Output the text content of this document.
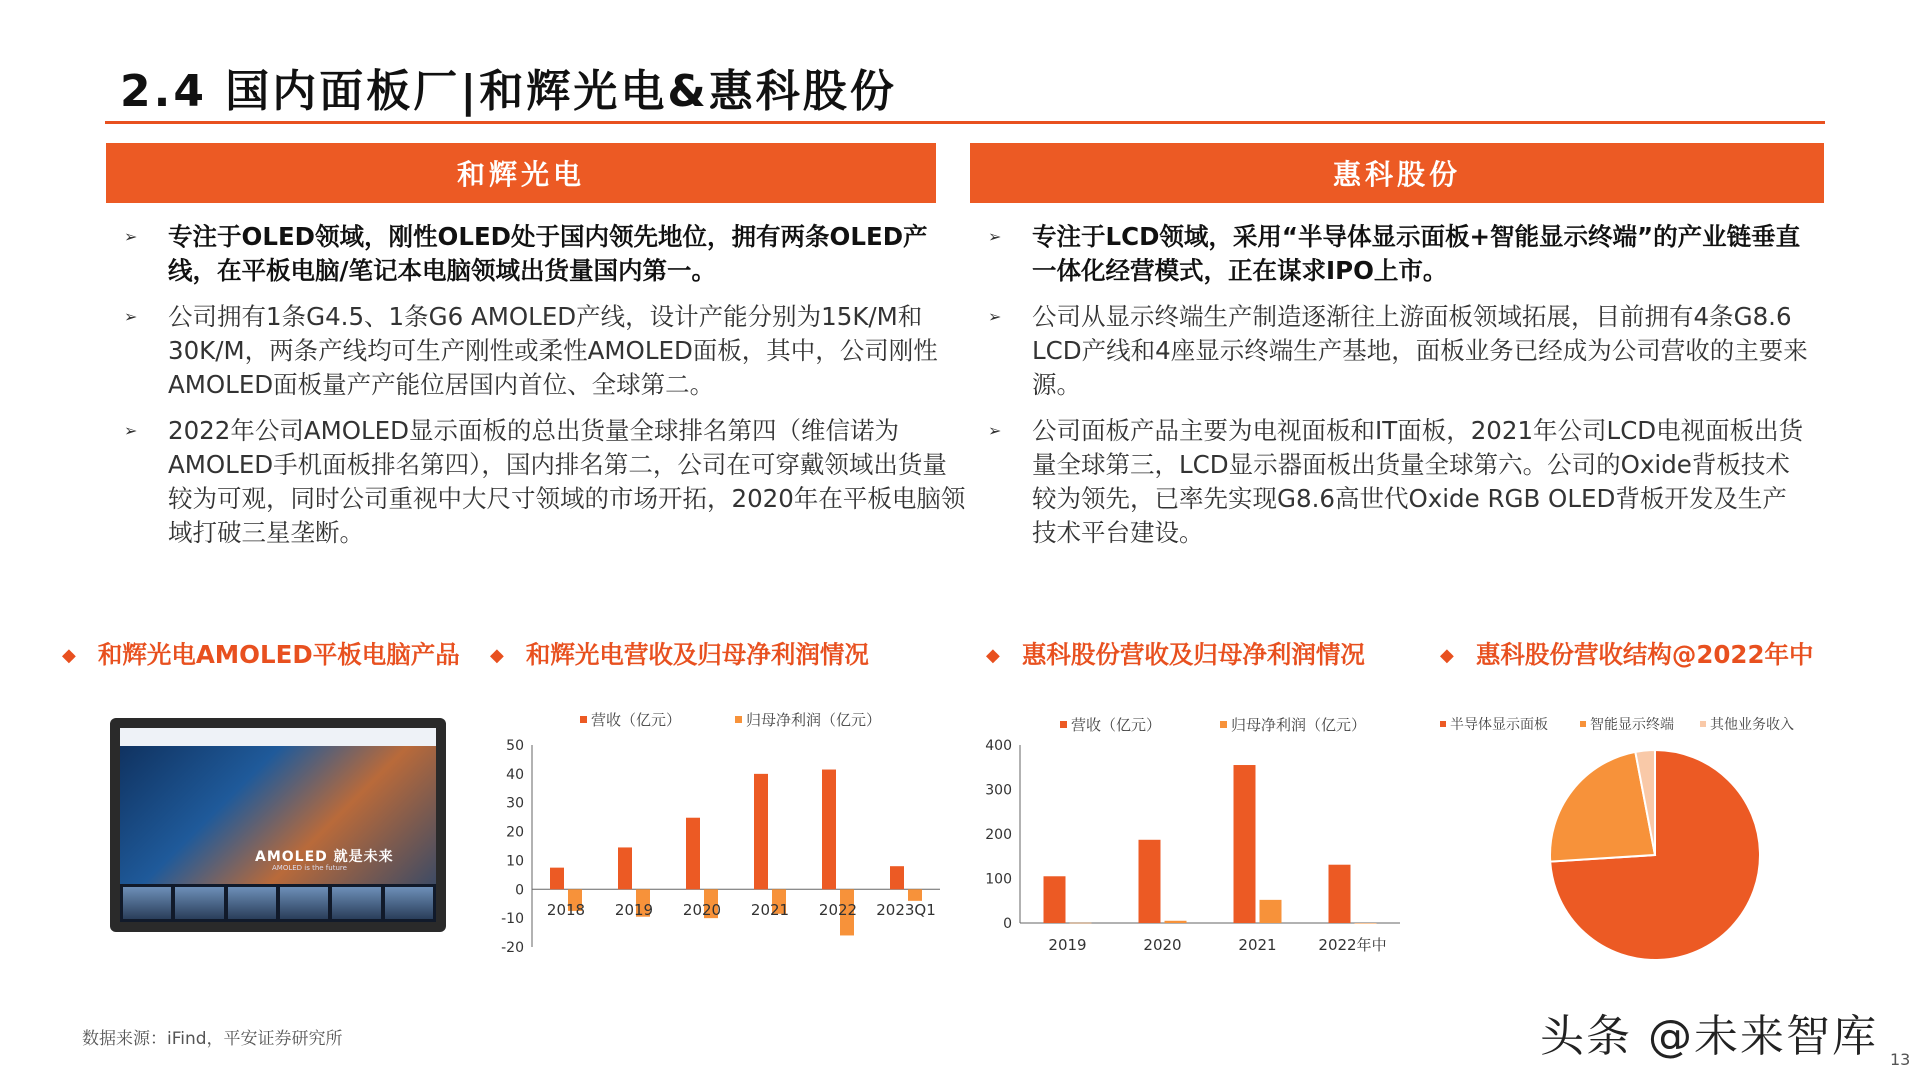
2.4 国内面板厂|和辉光电&惠科股份
和辉光电	惠科股份
➢ 专注于OLED领域，刚性OLED处于国内领先地位，拥有两条OLED产线，在平板电脑/笔记本电脑领域出货量国内第一。
➢ 公司拥有1条G4.5、1条G6 AMOLED产线，设计产能分别为15K/M和30K/M，两条产线均可生产刚性或柔性AMOLED面板，其中，公司刚性AMOLED面板量产产能位居国内首位、全球第二。
➢ 2022年公司AMOLED显示面板的总出货量全球排名第四（维信诺为AMOLED手机面板排名第四），国内排名第二，公司在可穿戴领域出货量较为可观，同时公司重视中大尺寸领域的市场开拓，2020年在平板电脑领域打破三星垄断。
➢ 专注于LCD领域，采用“半导体显示面板+智能显示终端”的产业链垂直一体化经营模式，正在谋求IPO上市。
➢ 公司从显示终端生产制造逐渐往上游面板领域拓展，目前拥有4条G8.6 LCD产线和4座显示终端生产基地，面板业务已经成为公司营收的主要来源。
➢ 公司面板产品主要为电视面板和IT面板，2021年公司LCD电视面板出货量全球第三，LCD显示器面板出货量全球第六。公司的Oxide背板技术较为领先，已率先实现G8.6高世代Oxide RGB OLED背板开发及生产技术平台建设。
◆ 和辉光电AMOLED平板电脑产品 ◆ 和辉光电营收及归母净利润情况	◆ 惠科股份营收及归母净利润情况	◆ 惠科股份营收结构@2022年中
AMOLED 就是未来
AMOLED is the future
营收（亿元）	归母净利润（亿元）
-20
-10
0
10
20
30
40
50
2018 2019 2020 2021 2022 2023Q1
营收（亿元）	归母净利润（亿元）
0
100
200
300
400
2019	2020	2021	2022年中
半导体显示面板	智能显示终端	其他业务收入
数据来源：iFind，平安证券研究所	头条 @未来智库 13
